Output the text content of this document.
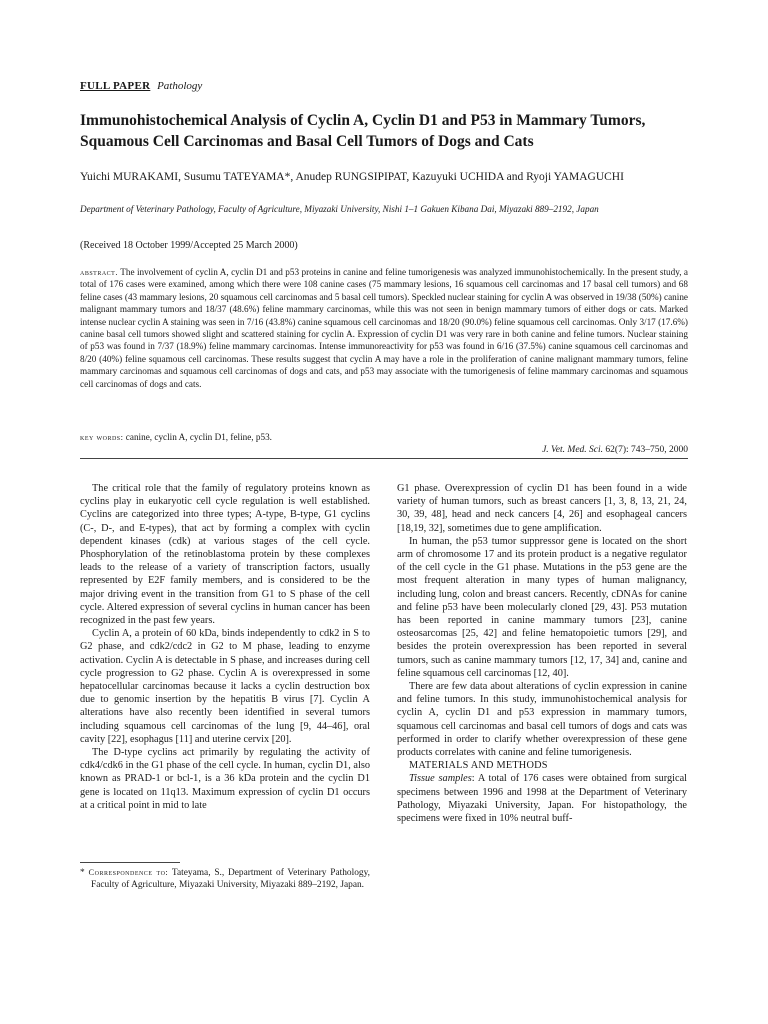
FULL PAPER Pathology
Immunohistochemical Analysis of Cyclin A, Cyclin D1 and P53 in Mammary Tumors, Squamous Cell Carcinomas and Basal Cell Tumors of Dogs and Cats
Yuichi MURAKAMI, Susumu TATEYAMA*, Anudep RUNGSIPIPAT, Kazuyuki UCHIDA and Ryoji YAMAGUCHI
Department of Veterinary Pathology, Faculty of Agriculture, Miyazaki University, Nishi 1–1 Gakuen Kibana Dai, Miyazaki 889–2192, Japan
(Received 18 October 1999/Accepted 25 March 2000)

abstract. The involvement of cyclin A, cyclin D1 and p53 proteins in canine and feline tumorigenesis was analyzed immunohistochemically. In the present study, a total of 176 cases were examined, among which there were 108 canine cases (75 mammary lesions, 16 squamous cell carcinomas and 17 basal cell tumors) and 68 feline cases (43 mammary lesions, 20 squamous cell carcinomas and 5 basal cell tumors). Speckled nuclear staining for cyclin A was observed in 19/38 (50%) canine malignant mammary tumors and 18/37 (48.6%) feline mammary carcinomas, while this was not seen in benign mammary tumors of either dogs or cats. Marked intense nuclear cyclin A staining was seen in 7/16 (43.8%) canine squamous cell carcinomas and 18/20 (90.0%) feline squamous cell carcinomas. Only 3/17 (17.6%) canine basal cell tumors showed slight and scattered staining for cyclin A. Expression of cyclin D1 was very rare in both canine and feline tumors. Nuclear staining of p53 was found in 7/37 (18.9%) feline mammary carcinomas. Intense immunoreactivity for p53 was found in 6/16 (37.5%) canine squamous cell carcinomas and 8/20 (40%) feline squamous cell carcinomas. These results suggest that cyclin A may have a role in the proliferation of canine malignant mammary tumors, feline mammary carcinomas and squamous cell carcinomas of dogs and cats, and p53 may associate with the tumorigenesis of feline mammary carcinomas and squamous cell carcinomas of dogs and cats.

key words: canine, cyclin A, cyclin D1, feline, p53.
J. Vet. Med. Sci. 62(7): 743–750, 2000

The critical role that the family of regulatory proteins known as cyclins play in eukaryotic cell cycle regulation is well established. Cyclins are categorized into three types; A-type, B-type, G1 cyclins (C-, D-, and E-types), that act by forming a complex with cyclin dependent kinases (cdk) at various stages of the cell cycle. Phosphorylation of the retinoblastoma protein by these complexes leads to the release of a variety of transcription factors, usually represented by E2F family members, and is considered to be the major driving event in the transition from G1 to S phase of the cell cycle. Altered expression of several cyclins in human cancer has been recognized in the past few years.

Cyclin A, a protein of 60 kDa, binds independently to cdk2 in S to G2 phase, and cdk2/cdc2 in G2 to M phase, leading to enzyme activation. Cyclin A is detectable in S phase, and increases during cell cycle progression to G2 phase. Cyclin A is overexpressed in some hepatocellular carcinomas because it lacks a cyclin destruction box due to genomic insertion by the hepatitis B virus [7]. Cyclin A alterations have also recently been identified in several tumors including squamous cell carcinomas of the lung [9, 44–46], oral cavity [22], esophagus [11] and uterine cervix [20].

The D-type cyclins act primarily by regulating the activity of cdk4/cdk6 in the G1 phase of the cell cycle. In human, cyclin D1, also known as PRAD-1 or bcl-1, is a 36 kDa protein and the cyclin D1 gene is located on 11q13. Maximum expression of cyclin D1 occurs at a critical point in mid to late

G1 phase. Overexpression of cyclin D1 has been found in a wide variety of human tumors, such as breast cancers [1, 3, 8, 13, 21, 24, 30, 39, 48], head and neck cancers [4, 26] and esophageal cancers [18,19, 32], sometimes due to gene amplification.

In human, the p53 tumor suppressor gene is located on the short arm of chromosome 17 and its protein product is a negative regulator of the cell cycle in the G1 phase. Mutations in the p53 gene are the most frequent alteration in many types of human malignancy, including lung, colon and breast cancers. Recently, cDNAs for canine and feline p53 have been molecularly cloned [29, 43]. P53 mutation has been reported in canine mammary tumors [23], canine osteosarcomas [25, 42] and feline hematopoietic tumors [29], and besides the protein overexpression has been reported in several tumors, such as canine mammary tumors [12, 17, 34] and, canine and feline squamous cell carcinomas [12, 40].

There are few data about alterations of cyclin expression in canine and feline tumors. In this study, immunohistochemical analysis for cyclin A, cyclin D1 and p53 expression in mammary tumors, squamous cell carcinomas and basal cell tumors of dogs and cats was performed in order to clarify whether overexpression of these gene products correlates with canine and feline tumorigenesis.

MATERIALS AND METHODS

Tissue samples: A total of 176 cases were obtained from surgical specimens between 1996 and 1998 at the Department of Veterinary Pathology, Miyazaki University, Japan. For histopathology, the specimens were fixed in 10% neutral buff-

* Correspondence to: Tateyama, S., Department of Veterinary Pathology, Faculty of Agriculture, Miyazaki University, Miyazaki 889–2192, Japan.
